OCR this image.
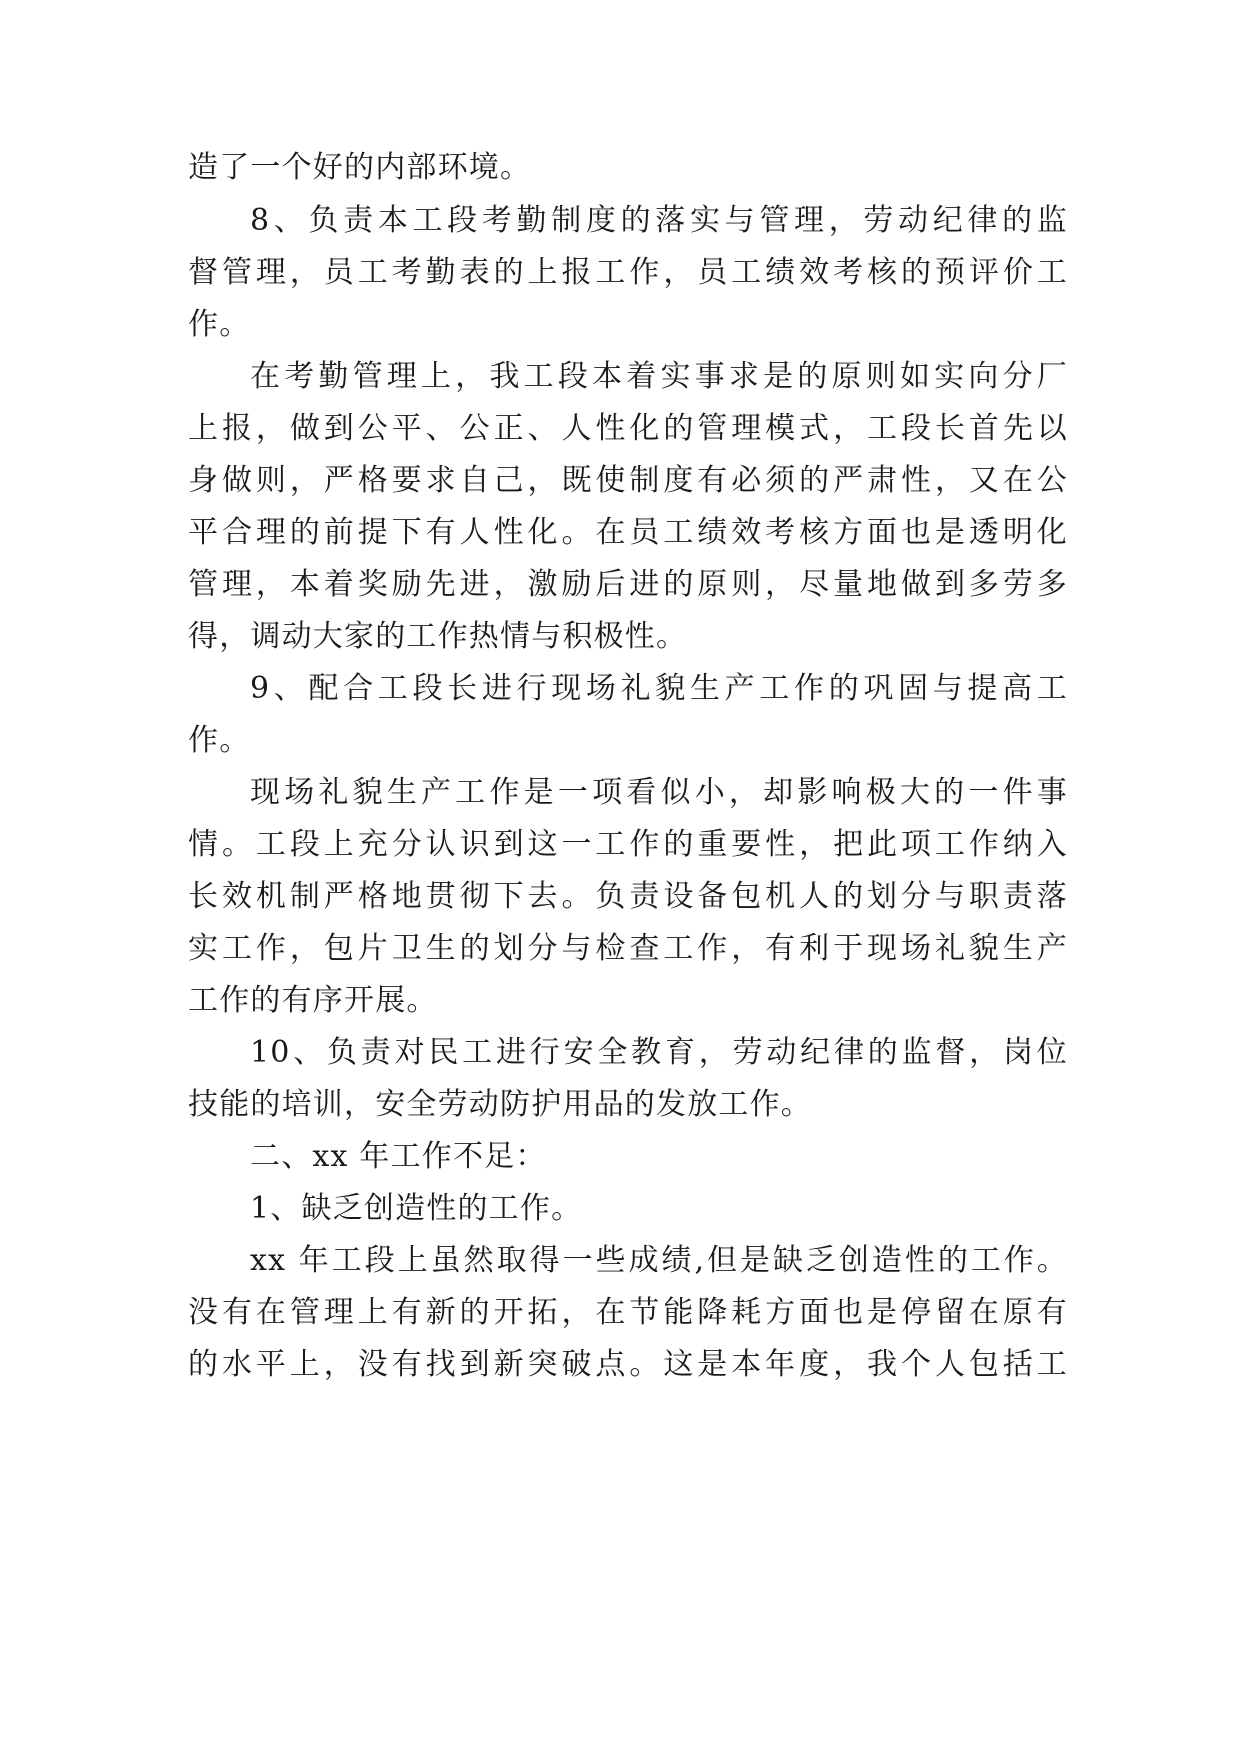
造了一个好的内部环境。
8、负责本工段考勤制度的落实与管理，劳动纪律的监
督管理，员工考勤表的上报工作，员工绩效考核的预评价工
作。
在考勤管理上，我工段本着实事求是的原则如实向分厂
上报，做到公平、公正、人性化的管理模式，工段长首先以
身做则，严格要求自己，既使制度有必须的严肃性，又在公
平合理的前提下有人性化。在员工绩效考核方面也是透明化
管理，本着奖励先进，激励后进的原则，尽量地做到多劳多
得，调动大家的工作热情与积极性。
9、配合工段长进行现场礼貌生产工作的巩固与提高工
作。
现场礼貌生产工作是一项看似小，却影响极大的一件事
情。工段上充分认识到这一工作的重要性，把此项工作纳入
长效机制严格地贯彻下去。负责设备包机人的划分与职责落
实工作，包片卫生的划分与检查工作，有利于现场礼貌生产
工作的有序开展。
10、负责对民工进行安全教育，劳动纪律的监督，岗位
技能的培训，安全劳动防护用品的发放工作。
二、xx 年工作不足：
1、缺乏创造性的工作。
xx 年工段上虽然取得一些成绩,但是缺乏创造性的工作。
没有在管理上有新的开拓，在节能降耗方面也是停留在原有
的水平上，没有找到新突破点。这是本年度，我个人包括工
